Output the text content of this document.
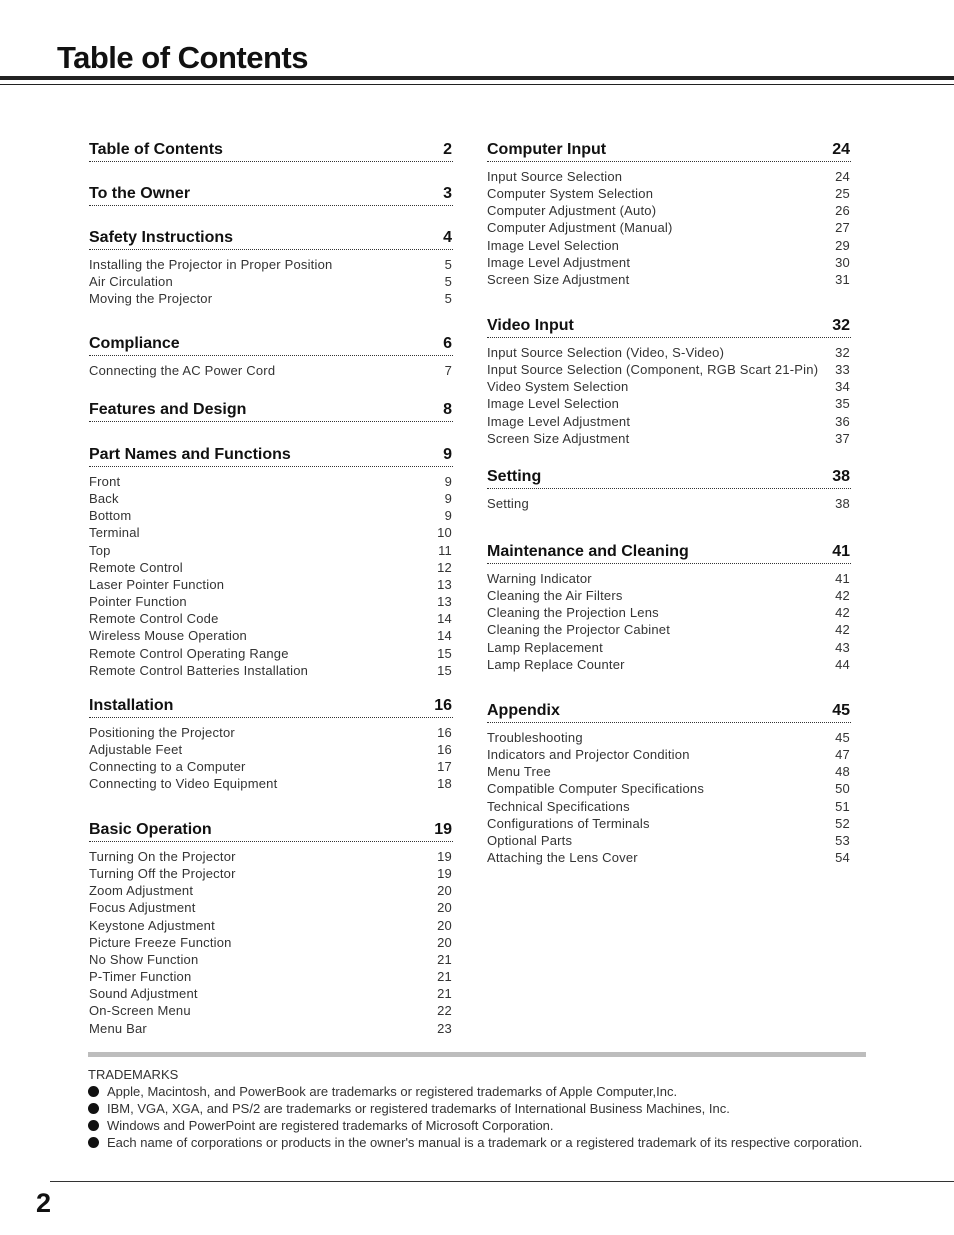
Table of Contents
Table of Contents	2
To the Owner	3
Safety Instructions	4
Installing the Projector in Proper Position	5
Air Circulation	5
Moving the Projector	5
Compliance	6
Connecting the AC Power Cord	7
Features and Design	8
Part Names and Functions	9
Front	9
Back	9
Bottom	9
Terminal	10
Top	11
Remote Control	12
Laser Pointer Function	13
Pointer Function	13
Remote Control Code	14
Wireless Mouse Operation	14
Remote Control Operating Range	15
Remote Control Batteries Installation	15
Installation	16
Positioning the Projector	16
Adjustable Feet	16
Connecting to a Computer	17
Connecting to Video Equipment	18
Basic Operation	19
Turning On the Projector	19
Turning Off the Projector	19
Zoom Adjustment	20
Focus Adjustment	20
Keystone Adjustment	20
Picture Freeze Function	20
No Show Function	21
P-Timer Function	21
Sound Adjustment	21
On-Screen Menu	22
Menu Bar	23
Computer Input	24
Input Source Selection	24
Computer System Selection	25
Computer Adjustment (Auto)	26
Computer Adjustment (Manual)	27
Image Level Selection	29
Image Level Adjustment	30
Screen Size Adjustment	31
Video Input	32
Input Source Selection (Video, S-Video)	32
Input Source Selection (Component, RGB Scart 21-Pin) 33
Video System Selection	34
Image Level Selection	35
Image Level Adjustment	36
Screen Size Adjustment	37
Setting	38
Setting	38
Maintenance and Cleaning	41
Warning Indicator	41
Cleaning the Air Filters	42
Cleaning the Projection Lens	42
Cleaning the Projector Cabinet	42
Lamp Replacement	43
Lamp Replace Counter	44
Appendix	45
Troubleshooting	45
Indicators and Projector Condition	47
Menu Tree	48
Compatible Computer Specifications	50
Technical Specifications	51
Configurations of Terminals	52
Optional Parts	53
Attaching the Lens Cover	54
TRADEMARKS
Apple, Macintosh, and PowerBook are trademarks or registered trademarks of Apple Computer,Inc.
IBM, VGA, XGA, and PS/2 are trademarks or registered trademarks of International Business Machines, Inc.
Windows and PowerPoint are registered trademarks of Microsoft Corporation.
Each name of corporations or products in the owner's manual is a trademark or a registered trademark of its respective corporation.
2
